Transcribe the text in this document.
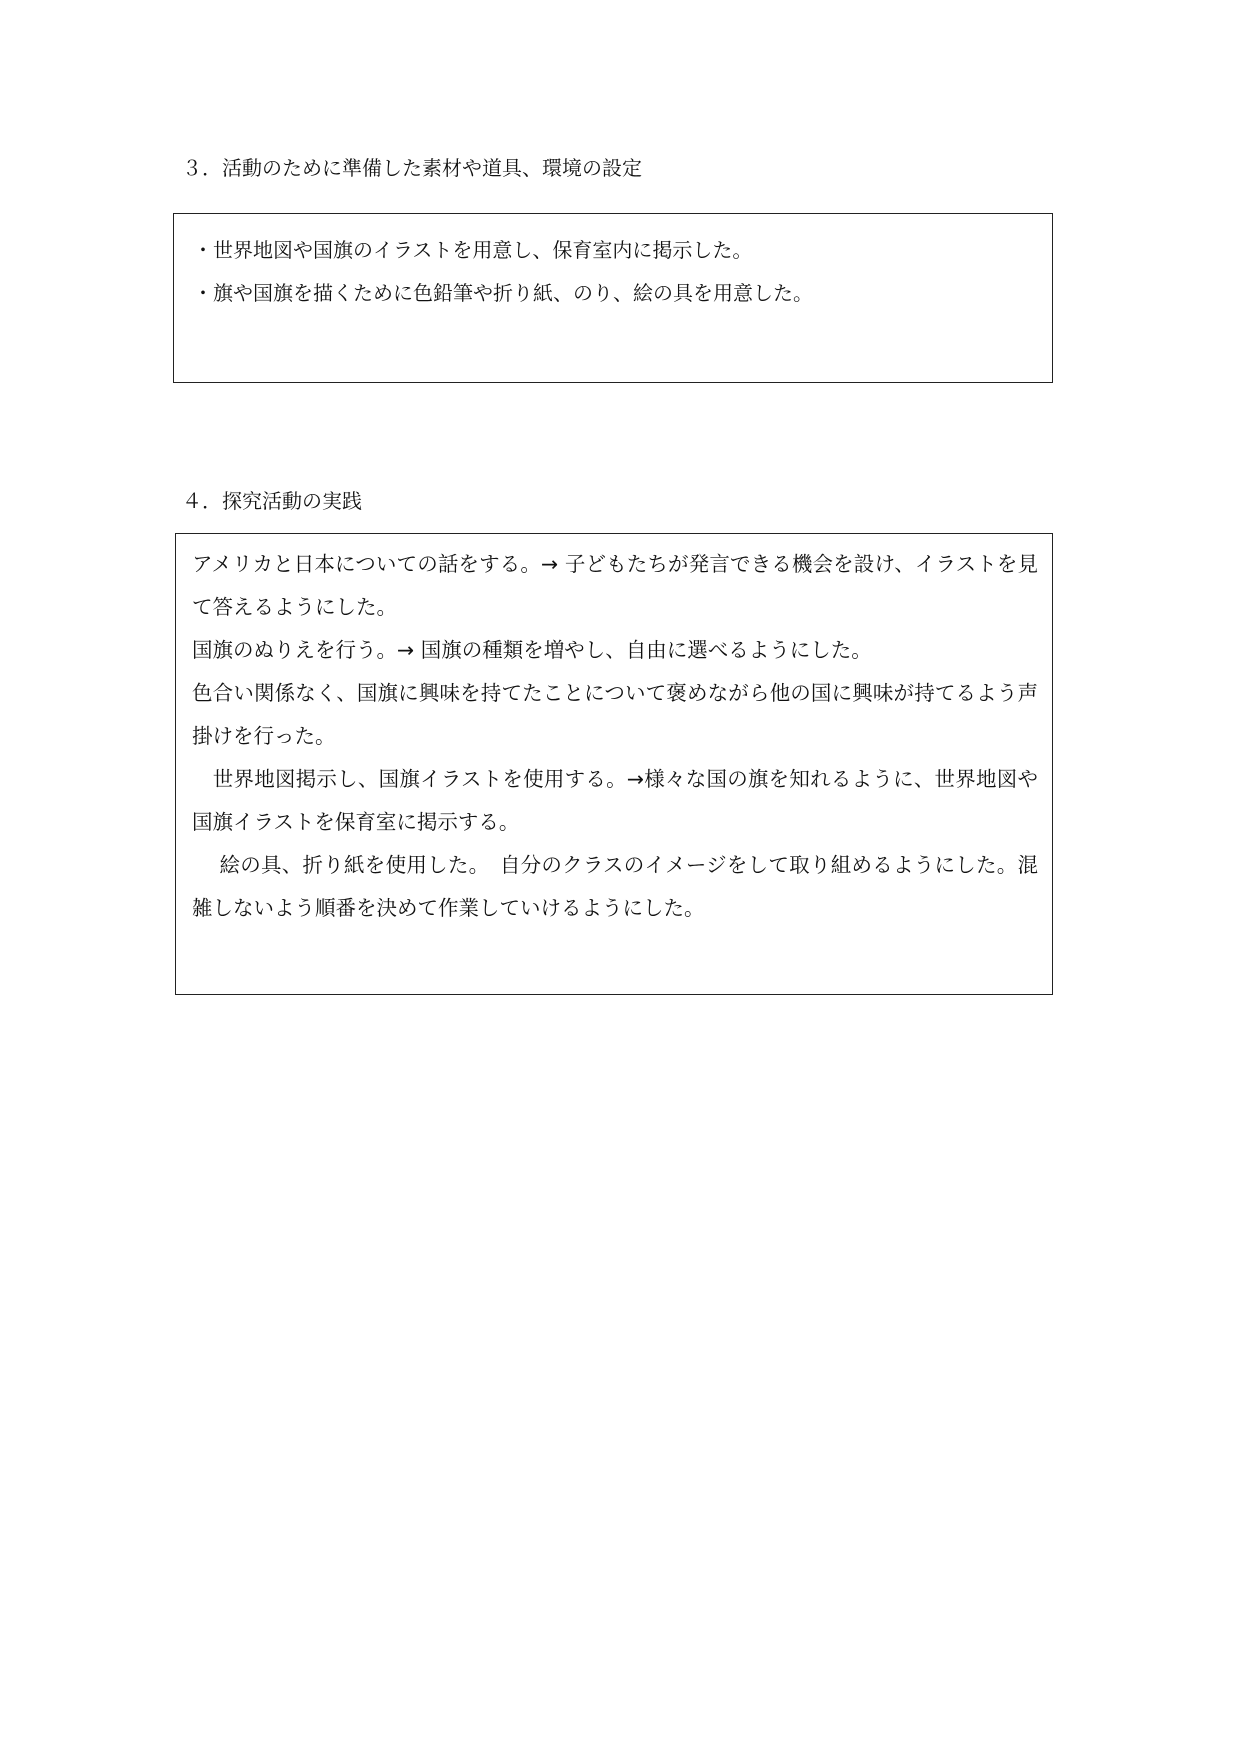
３．活動のために準備した素材や道具、環境の設定
・世界地図や国旗のイラストを用意し、保育室内に掲示した。
・旗や国旗を描くために色鉛筆や折り紙、のり、絵の具を用意した。
４．探究活動の実践
アメリカと日本についての話をする。→ 子どもたちが発言できる機会を設け、イラストを見て答えるようにした。
国旗のぬりえを行う。→ 国旗の種類を増やし、自由に選べるようにした。
色合い関係なく、国旗に興味を持てたことについて褒めながら他の国に興味が持てるよう声掛けを行った。
　世界地図掲示し、国旗イラストを使用する。→様々な国の旗を知れるように、世界地図や国旗イラストを保育室に掲示する。
　 絵の具、折り紙を使用した。　自分のクラスのイメージをして取り組めるようにした。混雑しないよう順番を決めて作業していけるようにした。
